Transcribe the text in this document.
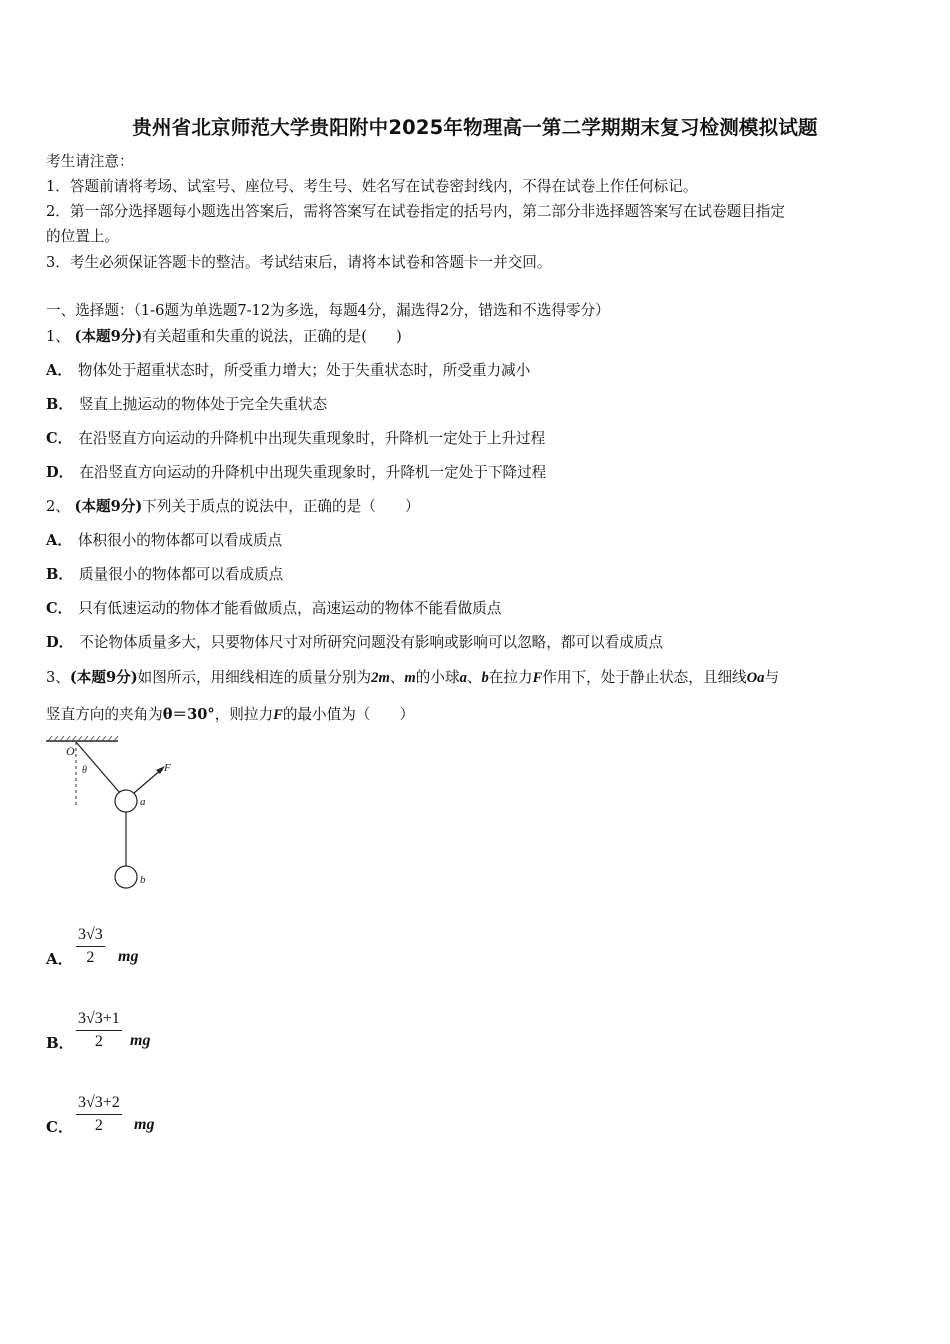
贵州省北京师范大学贵阳附中2025年物理高一第二学期期末复习检测模拟试题
考生请注意：
1．答题前请将考场、试室号、座位号、考生号、姓名写在试卷密封线内，不得在试卷上作任何标记。
2．第一部分选择题每小题选出答案后，需将答案写在试卷指定的括号内，第二部分非选择题答案写在试卷题目指定
的位置上。
3．考生必须保证答题卡的整洁。考试结束后，请将本试卷和答题卡一并交回。
一、选择题：（1-6题为单选题7-12为多选，每题4分，漏选得2分，错选和不选得零分）
1、 (本题9分)有关超重和失重的说法，正确的是(　　)
A． 物体处于超重状态时，所受重力增大；处于失重状态时，所受重力减小
B． 竖直上抛运动的物体处于完全失重状态
C． 在沿竖直方向运动的升降机中出现失重现象时，升降机一定处于上升过程
D． 在沿竖直方向运动的升降机中出现失重现象时，升降机一定处于下降过程
2、 (本题9分)下列关于质点的说法中，正确的是（　　）
A． 体积很小的物体都可以看成质点
B． 质量很小的物体都可以看成质点
C． 只有低速运动的物体才能看做质点，高速运动的物体不能看做质点
D． 不论物体质量多大，只要物体尺寸对所研究问题没有影响或影响可以忽略，都可以看成质点
3、(本题9分)如图所示，用细线相连的质量分别为2m、m的小球a、b在拉力F作用下，处于静止状态，且细线Oa与
竖直方向的夹角为θ＝30°，则拉力F的最小值为（　　）
O
θ	F
a
b
A． $\frac{3√3}{2}$ mg
B． $\frac{3√3+1}{2}$ mg
C． $\frac{3√3+2}{2}$ mg
